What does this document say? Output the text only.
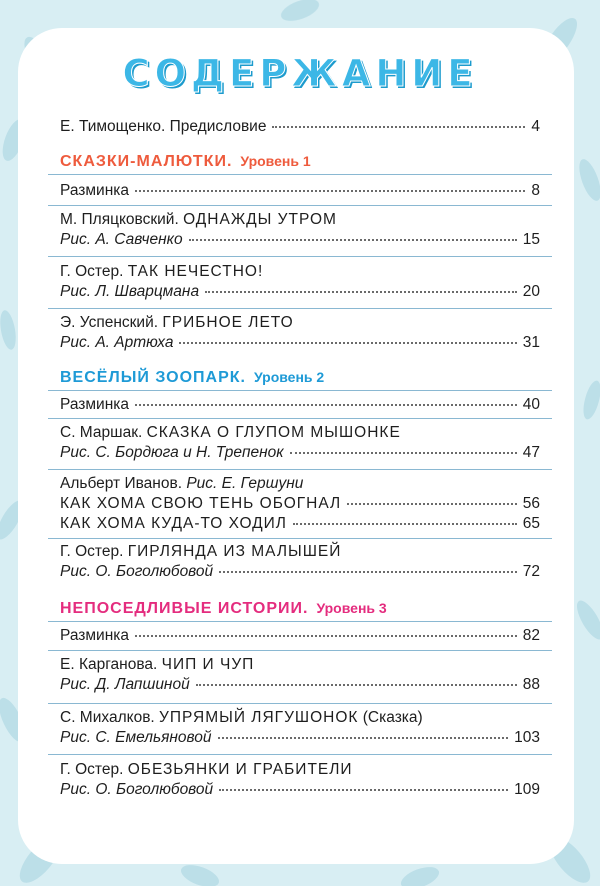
СОДЕРЖАНИЕ
Е. Тимощенко. Предисловие	4
СКАЗКИ-МАЛЮТКИ. Уровень 1
Разминка	8
М. Пляцковский. ОДНАЖДЫ УТРОМ
Рис. А. Савченко	15
Г. Остер. ТАК НЕЧЕСТНО!
Рис. Л. Шварцмана	20
Э. Успенский. ГРИБНОЕ ЛЕТО
Рис. А. Артюха	31
ВЕСЁЛЫЙ ЗООПАРК. Уровень 2
Разминка	40
С. Маршак. СКАЗКА О ГЛУПОМ МЫШОНКЕ
Рис. С. Бордюга и Н. Трепенок	47
Альберт Иванов. Рис. Е. Гершуни
КАК ХОМА СВОЮ ТЕНЬ ОБОГНАЛ	56
КАК ХОМА КУДА-ТО ХОДИЛ	65
Г. Остер. ГИРЛЯНДА ИЗ МАЛЫШЕЙ
Рис. О. Боголюбовой	72
НЕПОСЕДЛИВЫЕ ИСТОРИИ. Уровень 3
Разминка	82
Е. Карганова. ЧИП И ЧУП
Рис. Д. Лапшиной	88
С. Михалков. УПРЯМЫЙ ЛЯГУШОНОК (Сказка)
Рис. С. Емельяновой	103
Г. Остер. ОБЕЗЬЯНКИ И ГРАБИТЕЛИ
Рис. О. Боголюбовой	109
